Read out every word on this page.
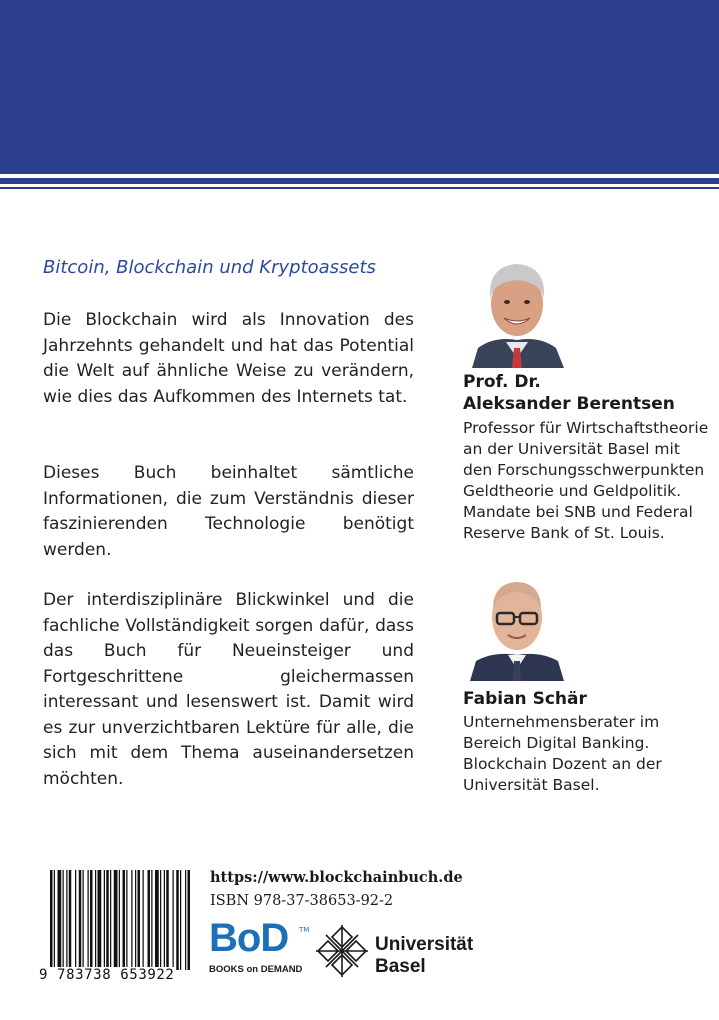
Bitcoin, Blockchain und Kryptoassets

Die Blockchain wird als Innovation des Jahrzehnts gehandelt und hat das Potential die Welt auf ähnliche Weise zu verändern, wie dies das Aufkommen des Internets tat.

Dieses Buch beinhaltet sämtliche Informationen, die zum Verständnis dieser faszinierenden Technologie benötigt werden.

Der interdisziplinäre Blickwinkel und die fachliche Vollständigkeit sorgen dafür, dass das Buch für Neueinsteiger und Fortgeschrittene gleichermassen interessant und lesenswert ist. Damit wird es zur unverzichtbaren Lektüre für alle, die sich mit dem Thema auseinandersetzen möchten.

Prof. Dr.
Aleksander Berentsen

Professor für Wirtschaftstheorie an der Universität Basel mit den Forschungsschwerpunkten Geldtheorie und Geldpolitik. Mandate bei SNB und Federal Reserve Bank of St. Louis.

Fabian Schär

Unternehmensberater im Bereich Digital Banking. Blockchain Dozent an der Universität Basel.

9 783738 653922
https://www.blockchainbuch.de
ISBN 978-37-38653-92-2
BoD TM
BOOKS on DEMAND
Universität
Basel
